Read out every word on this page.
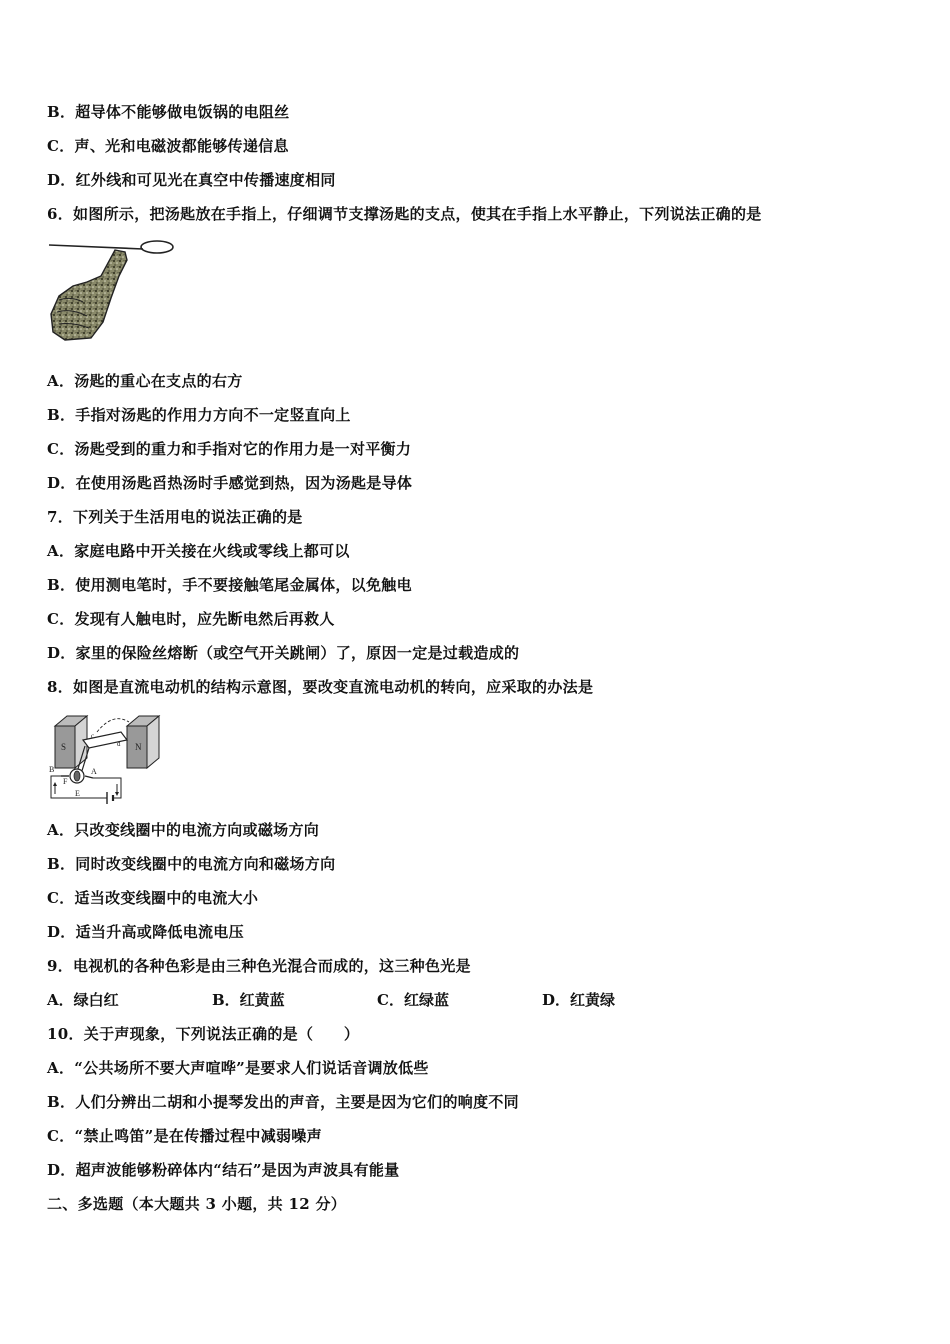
B．超导体不能够做电饭锅的电阻丝
C．声、光和电磁波都能够传递信息
D．红外线和可见光在真空中传播速度相同
6．如图所示，把汤匙放在手指上，仔细调节支撑汤匙的支点，使其在手指上水平静止，下列说法正确的是
A．汤匙的重心在支点的右方
B．手指对汤匙的作用力方向不一定竖直向上
C．汤匙受到的重力和手指对它的作用力是一对平衡力
D．在使用汤匙舀热汤时手感觉到热，因为汤匙是导体
7．下列关于生活用电的说法正确的是
A．家庭电路中开关接在火线或零线上都可以
B．使用测电笔时，手不要接触笔尾金属体，以免触电
C．发现有人触电时，应先断电然后再救人
D．家里的保险丝熔断（或空气开关跳闸）了，原因一定是过载造成的
8．如图是直流电动机的结构示意图，要改变直流电动机的转向，应采取的办法是
S	N
B
F
A
E
c
d
A．只改变线圈中的电流方向或磁场方向
B．同时改变线圈中的电流方向和磁场方向
C．适当改变线圈中的电流大小
D．适当升高或降低电流电压
9．电视机的各种色彩是由三种色光混合而成的，这三种色光是
A．绿白红	B．红黄蓝	C．红绿蓝	D．红黄绿
10．关于声现象，下列说法正确的是（　　）
A．“公共场所不要大声喧哗”是要求人们说话音调放低些
B．人们分辨出二胡和小提琴发出的声音，主要是因为它们的响度不同
C．“禁止鸣笛”是在传播过程中减弱噪声
D．超声波能够粉碎体内“结石”是因为声波具有能量
二、多选题（本大题共 3 小题，共 12 分）
